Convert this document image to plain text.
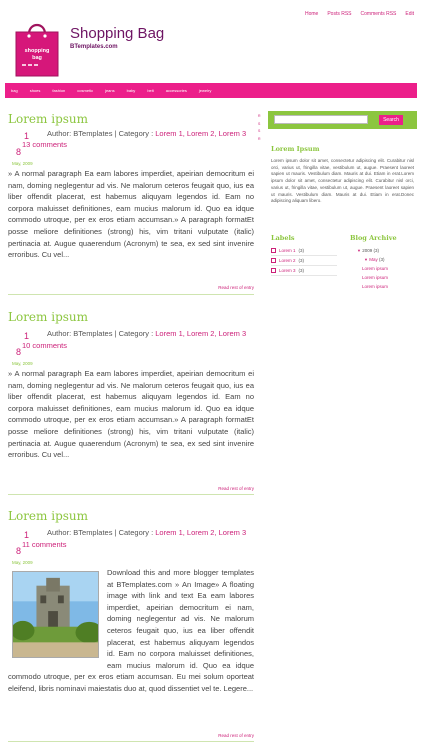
Home Posts RSS Comments RSS Edit
shopping
bag
Shopping Bag
BTemplates.com
bag	shoes	fashion	cosmetic	jeans	baby	belt	accessories	jewelry
Lorem ipsum
1
8
Author: BTemplates | Category : Lorem 1, Lorem 2, Lorem 3
13 comments
May, 2009
» A normal paragraph Ea eam labores imperdiet, apeirian democritum ei nam, doming neglegentur ad vis. Ne malorum ceteros feugait quo, ius ea liber offendit placerat, est habemus aliquyam legendos id. Eam no corpora maluisset definitiones, eam mucius malorum id. Quo ea idque commodo utroque, per ex eros etiam accumsan.» A paragraph formatEt posse meliore definitiones (strong) his, vim tritani vulputate (italic) pertinacia at. Augue quaerendum (Acronym) te sea, ex sed sint invenire erroribus. Cu vel...
Read rest of entry
Lorem ipsum
1
8
Author: BTemplates | Category : Lorem 1, Lorem 2, Lorem 3
10 comments
May, 2009
» A normal paragraph Ea eam labores imperdiet, apeirian democritum ei nam, doming neglegentur ad vis. Ne malorum ceteros feugait quo, ius ea liber offendit placerat, est habemus aliquyam legendos id. Eam no corpora maluisset definitiones, eam mucius malorum id. Quo ea idque commodo utroque, per ex eros etiam accumsan.» A paragraph formatEt posse meliore definitiones (strong) his, vim tritani vulputate (italic) pertinacia at. Augue quaerendum (Acronym) te sea, ex sed sint invenire erroribus. Cu vel...
Read rest of entry
Lorem ipsum
1
8
Author: BTemplates | Category : Lorem 1, Lorem 2, Lorem 3
11 comments
May, 2009
Download this and more blogger templates at BTemplates.com » An Image» A floating image with link and text Ea eam labores imperdiet, apeirian democritum ei nam, doming neglegentur ad vis. Ne malorum ceteros feugait quo, ius ea liber offendit placerat, est habemus aliquyam legendos id. Eam no corpora maluisset definitiones, eam mucius malorum id. Quo ea idque commodo utroque, per ex eros etiam accumsan. Eu mei solum oporteat eleifend, libris nominavi maiestatis duo at, quod dissentiet vel te. Legere...
Read rest of entry
R
S
S
R
Search
Lorem Ipsum
Lorem ipsum dolor sit amet, consectetur adipiscing elit. Curabitur nisl orci, varius ut, fringilla vitae, vestibulum ut, augue. Praesent laoreet sapien ut mauris. Vestibulum diam. Mauris at dui. Etiam in erat.Lorem ipsum dolor sit amet, consectetur adipiscing elit. Curabitur nisl orci, varius ut, fringilla vitae, vestibulum ut, augue. Praesent laoreet sapien ut mauris. Vestibulum diam. Mauris at dui. Etiam in erat.Donec adipiscing aliquam libero.
Labels
Lorem 1 (3)
Lorem 2 (3)
Lorem 3 (3)
Blog Archive
▼ 2009 (3)
▼ May (3)
Lorem ipsum
Lorem ipsum
Lorem ipsum
